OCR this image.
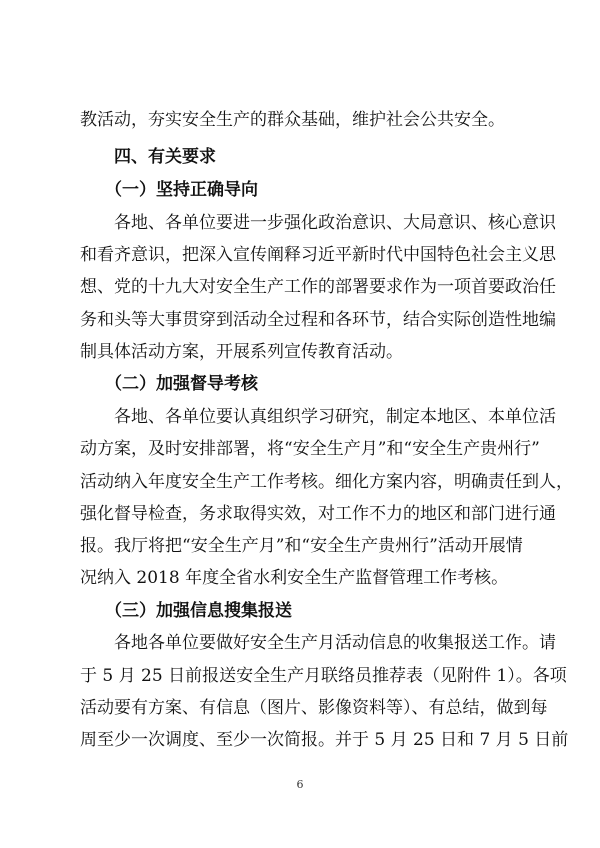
教活动，夯实安全生产的群众基础，维护社会公共安全。
四、有关要求
（一）坚持正确导向
各地、各单位要进一步强化政治意识、大局意识、核心意识
和看齐意识，把深入宣传阐释习近平新时代中国特色社会主义思
想、党的十九大对安全生产工作的部署要求作为一项首要政治任
务和头等大事贯穿到活动全过程和各环节，结合实际创造性地编
制具体活动方案，开展系列宣传教育活动。
（二）加强督导考核
各地、各单位要认真组织学习研究，制定本地区、本单位活
动方案，及时安排部署，将“安全生产月”和“安全生产贵州行”
活动纳入年度安全生产工作考核。细化方案内容，明确责任到人，
强化督导检查，务求取得实效，对工作不力的地区和部门进行通
报。我厅将把“安全生产月”和“安全生产贵州行”活动开展情
况纳入 2018 年度全省水利安全生产监督管理工作考核。
（三）加强信息搜集报送
各地各单位要做好安全生产月活动信息的收集报送工作。请
于 5 月 25 日前报送安全生产月联络员推荐表（见附件 1）。各项
活动要有方案、有信息（图片、影像资料等）、有总结，做到每
周至少一次调度、至少一次简报。并于 5 月 25 日和 7 月 5 日前
6
